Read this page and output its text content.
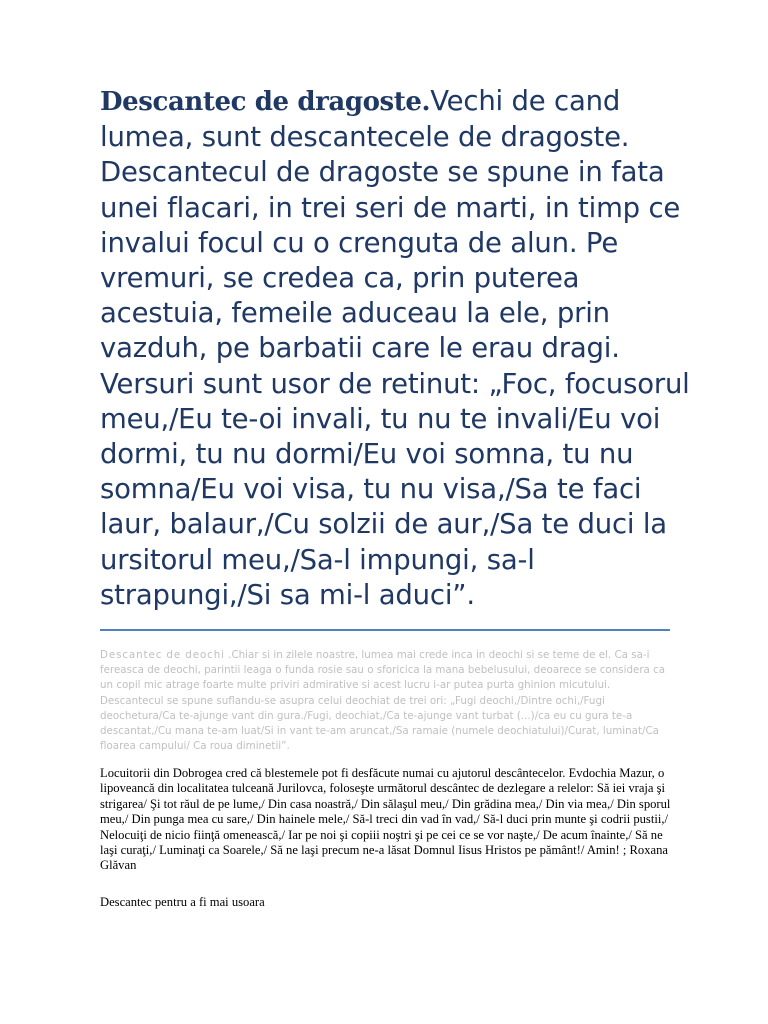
Descantec de dragoste.Vechi de cand lumea, sunt descantecele de dragoste. Descantecul de dragoste se spune in fata unei flacari, in trei seri de marti, in timp ce invalui focul cu o crenguta de alun. Pe vremuri, se credea ca, prin puterea acestuia, femeile aduceau la ele, prin vazduh, pe barbatii care le erau dragi. Versuri sunt usor de retinut: „Foc, focusorul meu,/Eu te-oi invali, tu nu te invali/Eu voi dormi, tu nu dormi/Eu voi somna, tu nu somna/Eu voi visa, tu nu visa,/Sa te faci laur, balaur,/Cu solzii de aur,/Sa te duci la ursitorul meu,/Sa-l impungi, sa-l strapungi,/Si sa mi-l aduci”.
Descantec de deochi .Chiar si in zilele noastre, lumea mai crede inca in deochi si se teme de el. Ca sa-i fereasca de deochi, parintii leaga o funda rosie sau o sforicica la mana bebelusului, deoarece se considera ca un copil mic atrage foarte multe priviri admirative si acest lucru i-ar putea purta ghinion micutului. Descantecul se spune suflandu-se asupra celui deochiat de trei ori: „Fugi deochi,/Dintre ochi,/Fugi deochetura/Ca te-ajunge vant din gura./Fugi, deochiat,/Ca te-ajunge vant turbat (...)/ca eu cu gura te-a descantat,/Cu mana te-am luat/Si in vant te-am aruncat,/Sa ramaie (numele deochiatului)/Curat, luminat/Ca floarea campului/ Ca roua diminetii”.
Locuitorii din Dobrogea cred că blestemele pot fi desfăcute numai cu ajutorul descântecelor. Evdochia Mazur, o lipoveancă din localitatea tulceană Jurilovca, foloseşte următorul descântec de dezlegare a relelor: Să iei vraja şi strigarea/ Şi tot răul de pe lume,/ Din casa noastră,/ Din sălaşul meu,/ Din grădina mea,/ Din via mea,/ Din sporul meu,/ Din punga mea cu sare,/ Din hainele mele,/ Să-l treci din vad în vad,/ Să-l duci prin munte şi codrii pustii,/ Nelocuiţi de nicio fiinţă omenească,/ Iar pe noi şi copiii noştri şi pe cei ce se vor naşte,/ De acum înainte,/ Să ne laşi curaţi,/ Luminaţi ca Soarele,/ Să ne laşi precum ne-a lăsat Domnul Iisus Hristos pe pământ!/ Amin! ; Roxana Glăvan
Descantec pentru a fi mai usoara
